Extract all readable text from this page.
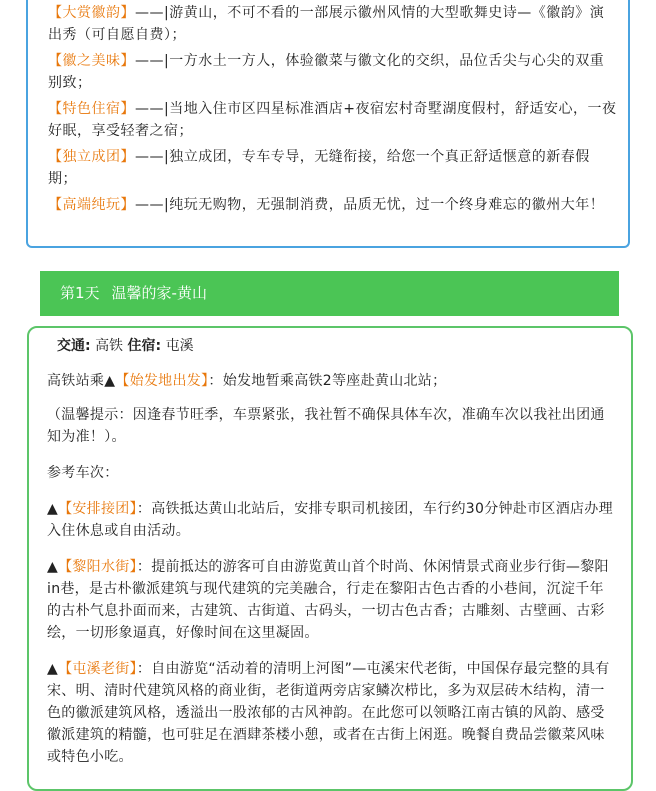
【大赏徽韵】——|游黄山，不可不看的一部展示徽州风情的大型歌舞史诗—《徽韵》演出秀（可自愿自费）；
【徽之美味】——|一方水土一方人，体验徽菜与徽文化的交织，品位舌尖与心尖的双重别致；
【特色住宿】——|当地入住市区四星标准酒店+夜宿宏村奇墅湖度假村，舒适安心，一夜好眠，享受轻奢之宿；
【独立成团】——|独立成团，专车专导，无缝衔接，给您一个真正舒适惬意的新春假期；
【高端纯玩】——|纯玩无购物，无强制消费，品质无忧，过一个终身难忘的徽州大年！
第1天 温馨的家-黄山
交通: 高铁 住宿: 屯溪
高铁站乘▲【始发地出发】：始发地暂乘高铁2等座赴黄山北站；
（温馨提示：因逢春节旺季，车票紧张，我社暂不确保具体车次，准确车次以我社出团通知为准！）。
参考车次：
▲【安排接团】：高铁抵达黄山北站后，安排专职司机接团，车行约30分钟赴市区酒店办理入住休息或自由活动。
▲【黎阳水街】：提前抵达的游客可自由游览黄山首个时尚、休闲情景式商业步行街—黎阳in巷，是古朴徽派建筑与现代建筑的完美融合，行走在黎阳古色古香的小巷间，沉淀千年的古朴气息扑面而来，古建筑、古街道、古码头，一切古色古香；古雕刻、古壁画、古彩绘，一切形象逼真，好像时间在这里凝固。
▲【屯溪老街】：自由游览“活动着的清明上河图”—屯溪宋代老街，中国保存最完整的具有宋、明、清时代建筑风格的商业街，老街道两旁店家鳞次栉比，多为双层砖木结构，清一色的徽派建筑风格，透溢出一股浓郁的古风神韵。在此您可以领略江南古镇的风韵、感受徽派建筑的精髓，也可驻足在酒肆茶楼小憩，或者在古街上闲逛。晚餐自费品尝徽菜风味或特色小吃。
